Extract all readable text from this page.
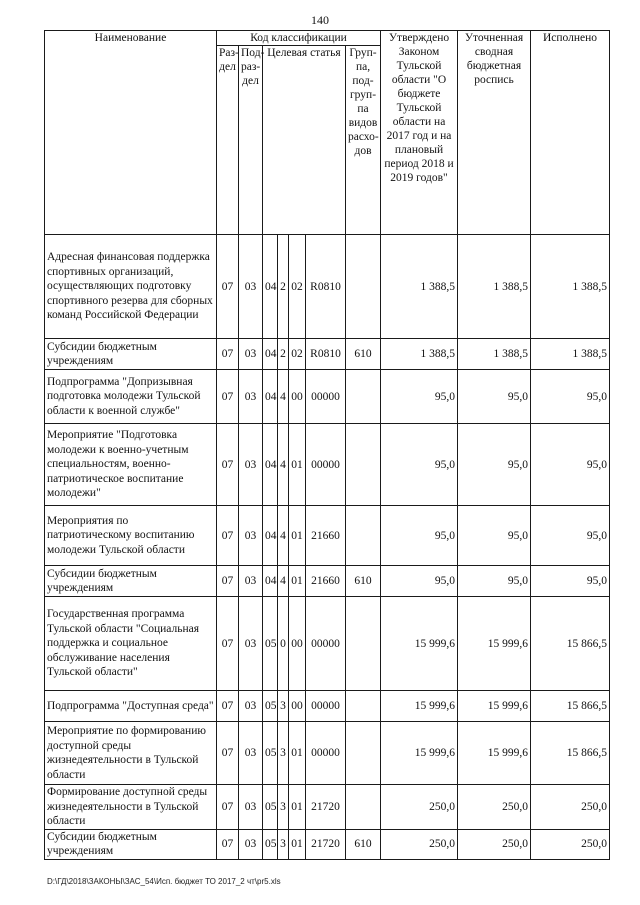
140
Наименование	Код классификации							Утверждено Законом Тульской области "О бюджете Тульской области на 2017 год и на плановый период 2018 и 2019 годов"	Уточненная сводная бюджетная роспись	Исполнено
	Раз-дел	Под-раз-дел	Целевая статья				Груп-па, под-груп-па видов расхо-дов			
Адресная финансовая поддержка спортивных организаций, осуществляющих подготовку спортивного резерва для сборных команд Российской Федерации	07	03	04	2	02	R0810		1 388,5	1 388,5	1 388,5
Субсидии бюджетным учреждениям	07	03	04	2	02	R0810	610	1 388,5	1 388,5	1 388,5
Подпрограмма "Допризывная подготовка молодежи Тульской области к военной службе"	07	03	04	4	00	00000		95,0	95,0	95,0
Мероприятие "Подготовка молодежи к военно-учетным специальностям, военно-патриотическое воспитание молодежи"	07	03	04	4	01	00000		95,0	95,0	95,0
Мероприятия по патриотическому воспитанию молодежи Тульской области	07	03	04	4	01	21660		95,0	95,0	95,0
Субсидии бюджетным учреждениям	07	03	04	4	01	21660	610	95,0	95,0	95,0
Государственная программа Тульской области "Социальная поддержка и социальное обслуживание населения Тульской области"	07	03	05	0	00	00000		15 999,6	15 999,6	15 866,5
Подпрограмма "Доступная среда"	07	03	05	3	00	00000		15 999,6	15 999,6	15 866,5
Мероприятие по формированию доступной среды жизнедеятельности в Тульской области	07	03	05	3	01	00000		15 999,6	15 999,6	15 866,5
Формирование доступной среды жизнедеятельности в Тульской области	07	03	05	3	01	21720		250,0	250,0	250,0
Субсидии бюджетным учреждениям	07	03	05	3	01	21720	610	250,0	250,0	250,0
D:\ГД\2018\ЗАКОНЫ\ЗАС_54\Исп. бюджет ТО 2017_2 чт\pr5.xls
